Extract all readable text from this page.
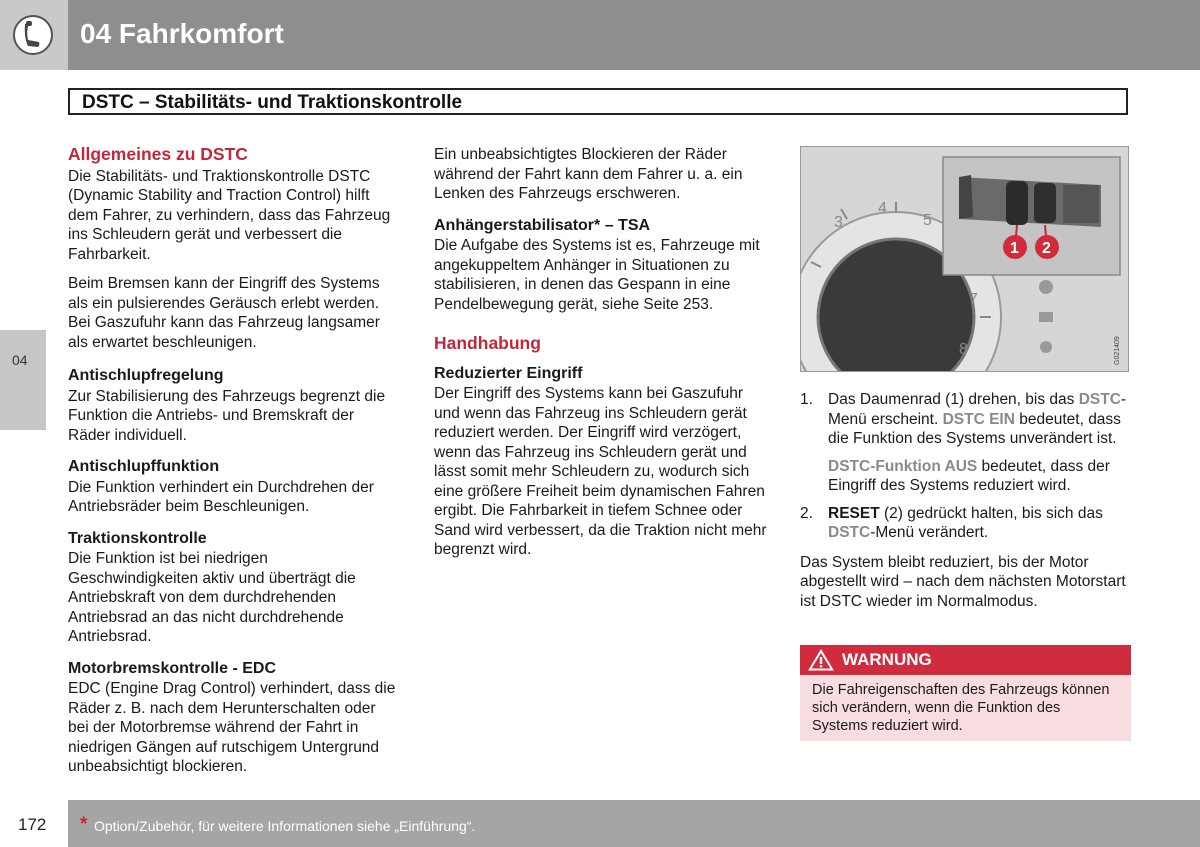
04 Fahrkomfort
DSTC – Stabilitäts- und Traktionskontrolle
04
Allgemeines zu DSTC

Die Stabilitäts- und Traktionskontrolle DSTC (Dynamic Stability and Traction Control) hilft dem Fahrer, zu verhindern, dass das Fahrzeug ins Schleudern gerät und verbessert die Fahrbarkeit.

Beim Bremsen kann der Eingriff des Systems als ein pulsierendes Geräusch erlebt werden. Bei Gaszufuhr kann das Fahrzeug langsamer als erwartet beschleunigen.

Antischlupfregelung
Zur Stabilisierung des Fahrzeugs begrenzt die Funktion die Antriebs- und Bremskraft der Räder individuell.
Antischlupffunktion
Die Funktion verhindert ein Durchdrehen der Antriebsräder beim Beschleunigen.
Traktionskontrolle
Die Funktion ist bei niedrigen Geschwindigkeiten aktiv und überträgt die Antriebskraft von dem durchdrehenden Antriebsrad an das nicht durchdrehende Antriebsrad.
Motorbremskontrolle - EDC
EDC (Engine Drag Control) verhindert, dass die Räder z. B. nach dem Herunterschalten oder bei der Motorbremse während der Fahrt in niedrigen Gängen auf rutschigem Untergrund unbeabsichtigt blockieren.

Ein unbeabsichtigtes Blockieren der Räder während der Fahrt kann dem Fahrer u. a. ein Lenken des Fahrzeugs erschweren.

Anhängerstabilisator* – TSA
Die Aufgabe des Systems ist es, Fahrzeuge mit angekuppeltem Anhänger in Situationen zu stabilisieren, in denen das Gespann in eine Pendelbewegung gerät, siehe Seite 253.
Handhabung
Reduzierter Eingriff
Der Eingriff des Systems kann bei Gaszufuhr und wenn das Fahrzeug ins Schleudern gerät reduziert werden. Der Eingriff wird verzögert, wenn das Fahrzeug ins Schleudern gerät und lässt somit mehr Schleudern zu, wodurch sich eine größere Freiheit beim dynamischen Fahren ergibt. Die Fahrbarkeit in tiefem Schnee oder Sand wird verbessert, da die Traktion nicht mehr begrenzt wird.
3
4
5
7
8
1 2
G021409
1. Das Daumenrad (1) drehen, bis das DSTC-Menü erscheint. DSTC EIN bedeutet, dass die Funktion des Systems unverändert ist.
DSTC-Funktion AUS bedeutet, dass der Eingriff des Systems reduziert wird.
2. RESET (2) gedrückt halten, bis sich das DSTC-Menü verändert.

Das System bleibt reduziert, bis der Motor abgestellt wird – nach dem nächsten Motorstart ist DSTC wieder im Normalmodus.

WARNUNG
Die Fahreigenschaften des Fahrzeugs können sich verändern, wenn die Funktion des Systems reduziert wird.
172 * Option/Zubehör, für weitere Informationen siehe „Einführung“.
